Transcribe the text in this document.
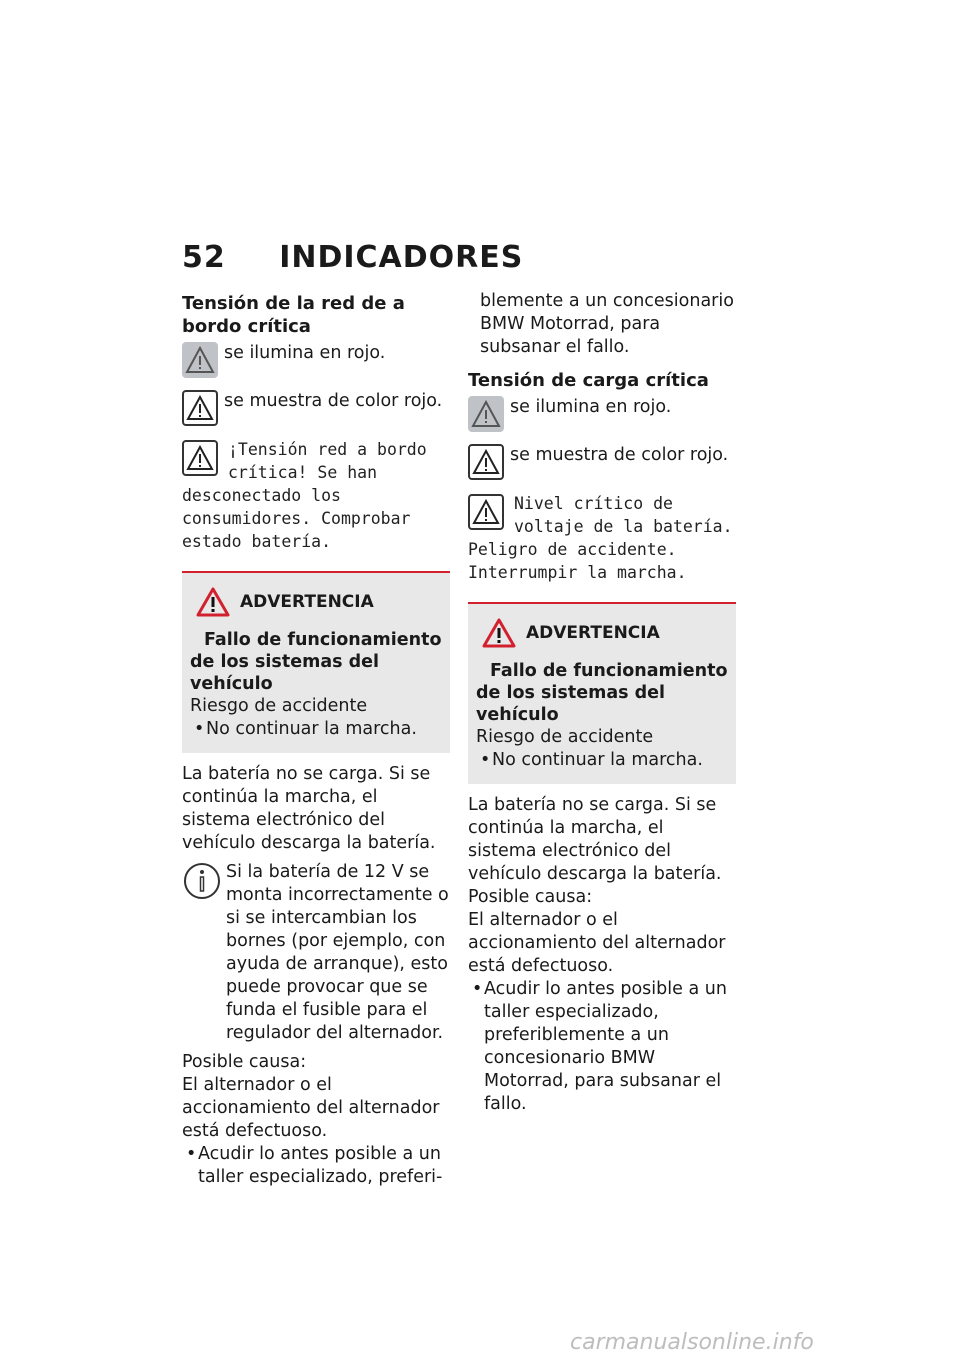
52 INDICADORES
Tensión de la red de a bordo crítica
se ilumina en rojo.
se muestra de color rojo.
¡Tensión red a bordo crítica! Se han desconectado los consumidores. Comprobar estado batería.
ADVERTENCIA
Fallo de funcionamiento de los sistemas del vehículo
Riesgo de accidente
• No continuar la marcha.

La batería no se carga. Si se continúa la marcha, el sistema electrónico del vehículo descarga la batería.

Si la batería de 12 V se monta incorrectamente o si se intercambian los bornes (por ejemplo, con ayuda de arranque), esto puede provocar que se funda el fusible para el regulador del alternador.
Posible causa:
El alternador o el accionamiento del alternador está defectuoso.
• Acudir lo antes posible a un taller especializado, preferi-
blemente a un concesionario BMW Motorrad, para subsanar el fallo.
Tensión de carga crítica
se ilumina en rojo.
se muestra de color rojo.
Nivel crítico de voltaje de la batería. Peligro de accidente. Interrumpir la marcha.
ADVERTENCIA
Fallo de funcionamiento de los sistemas del vehículo
Riesgo de accidente
• No continuar la marcha.

La batería no se carga. Si se continúa la marcha, el sistema electrónico del vehículo descarga la batería.

Posible causa:
El alternador o el accionamiento del alternador está defectuoso.
• Acudir lo antes posible a un taller especializado, preferiblemente a un concesionario BMW Motorrad, para subsanar el fallo.
carmanualsonline.info
